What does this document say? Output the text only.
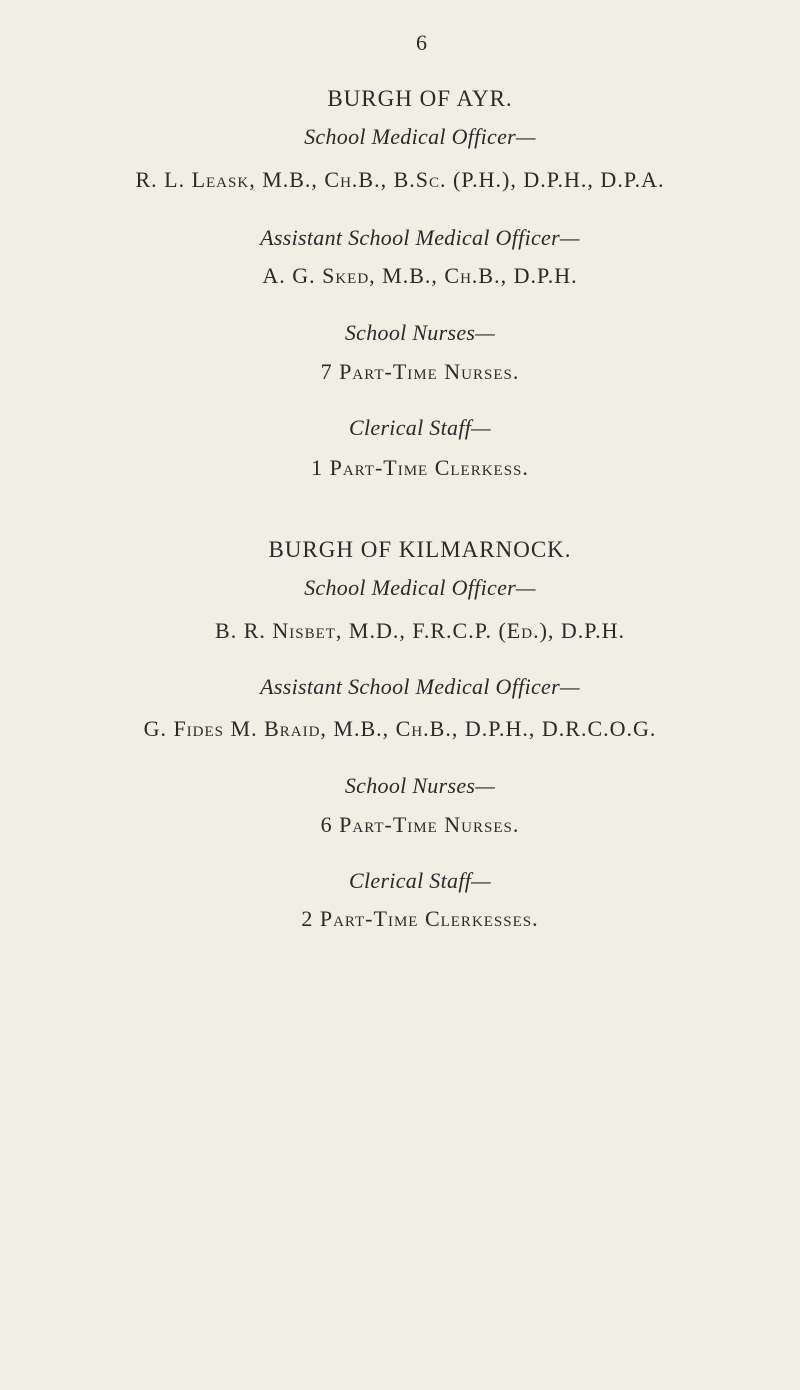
6
BURGH OF AYR.
School Medical Officer—
R. L. Leask, M.B., Ch.B., B.Sc. (P.H.), D.P.H., D.P.A.
Assistant School Medical Officer—
A. G. Sked, M.B., Ch.B., D.P.H.
School Nurses—
7 Part-Time Nurses.
Clerical Staff—
1 Part-Time Clerkess.
BURGH OF KILMARNOCK.
School Medical Officer—
B. R. Nisbet, M.D., F.R.C.P. (Ed.), D.P.H.
Assistant School Medical Officer—
G. Fides M. Braid, M.B., Ch.B., D.P.H., D.R.C.O.G.
School Nurses—
6 Part-Time Nurses.
Clerical Staff—
2 Part-Time Clerkesses.
